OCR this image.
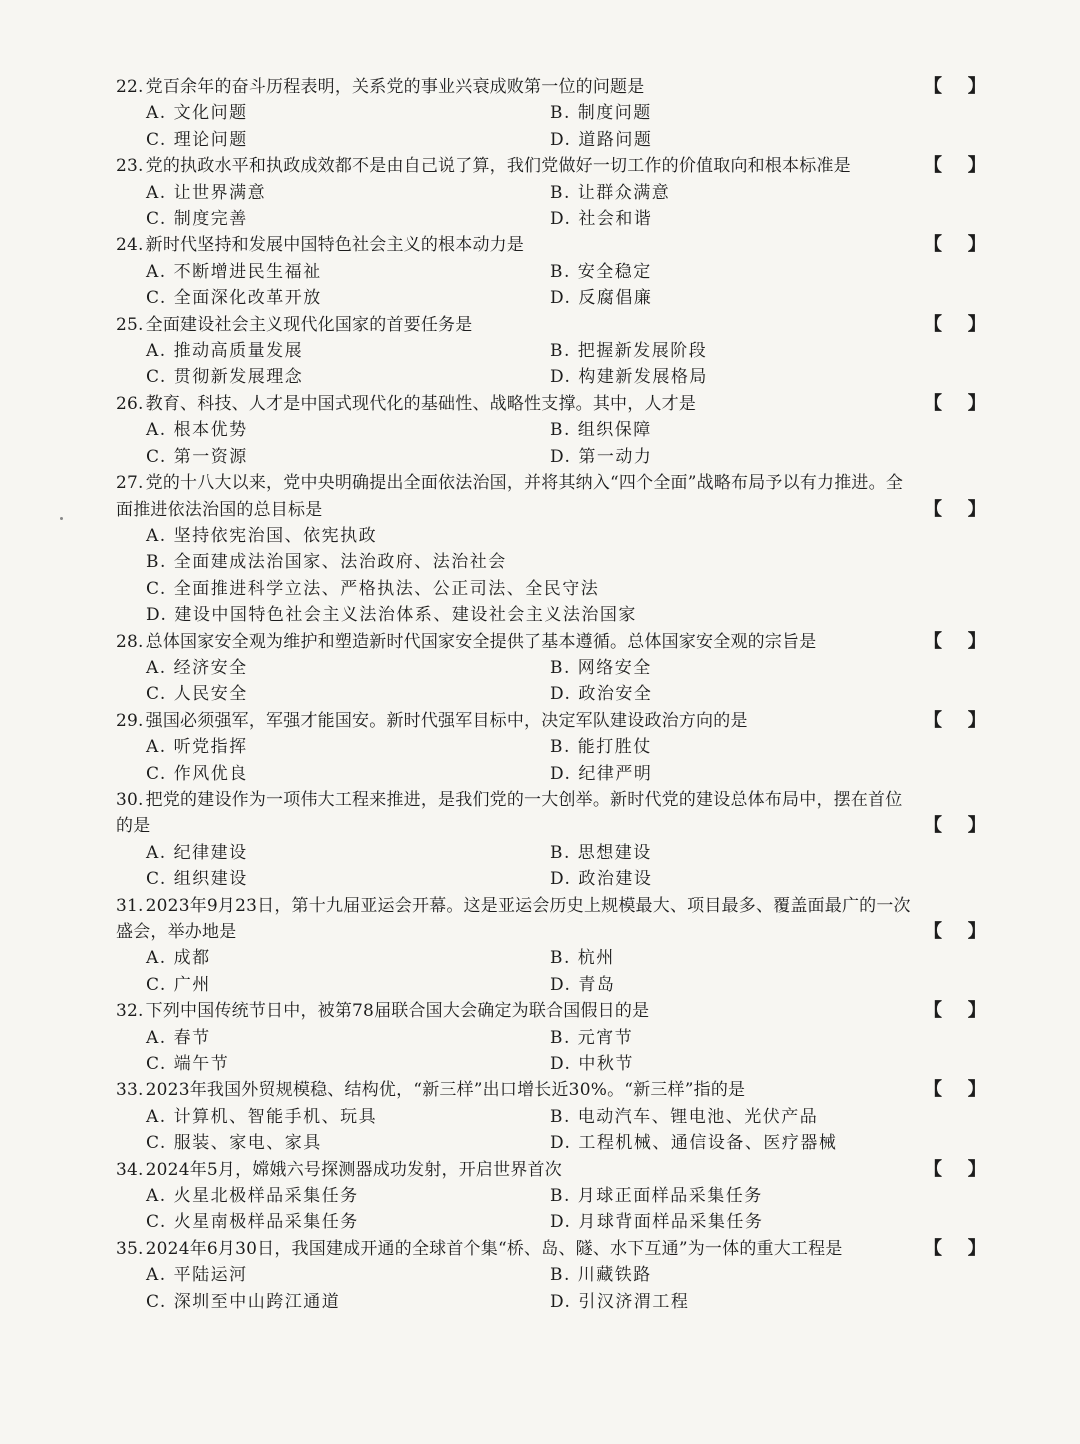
22. 党百余年的奋斗历程表明，关系党的事业兴衰成败第一位的问题是	【 】
A. 文化问题	B. 制度问题
C. 理论问题	D. 道路问题
23. 党的执政水平和执政成效都不是由自己说了算，我们党做好一切工作的价值取向和根本标准是	【 】
A. 让世界满意	B. 让群众满意
C. 制度完善	D. 社会和谐
24. 新时代坚持和发展中国特色社会主义的根本动力是	【 】
A. 不断增进民生福祉	B. 安全稳定
C. 全面深化改革开放	D. 反腐倡廉
25. 全面建设社会主义现代化国家的首要任务是	【 】
A. 推动高质量发展	B. 把握新发展阶段
C. 贯彻新发展理念	D. 构建新发展格局
26. 教育、科技、人才是中国式现代化的基础性、战略性支撑。其中，人才是	【 】
A. 根本优势	B. 组织保障
C. 第一资源	D. 第一动力
27. 党的十八大以来，党中央明确提出全面依法治国，并将其纳入“四个全面”战略布局予以有力推进。全面推进依法治国的总目标是	【 】
A. 坚持依宪治国、依宪执政
B. 全面建成法治国家、法治政府、法治社会
C. 全面推进科学立法、严格执法、公正司法、全民守法
D. 建设中国特色社会主义法治体系、建设社会主义法治国家
28. 总体国家安全观为维护和塑造新时代国家安全提供了基本遵循。总体国家安全观的宗旨是	【 】
A. 经济安全	B. 网络安全
C. 人民安全	D. 政治安全
29. 强国必须强军，军强才能国安。新时代强军目标中，决定军队建设政治方向的是	【 】
A. 听党指挥	B. 能打胜仗
C. 作风优良	D. 纪律严明
30. 把党的建设作为一项伟大工程来推进，是我们党的一大创举。新时代党的建设总体布局中，摆在首位的是	【 】
A. 纪律建设	B. 思想建设
C. 组织建设	D. 政治建设
31. 2023年9月23日，第十九届亚运会开幕。这是亚运会历史上规模最大、项目最多、覆盖面最广的一次盛会，举办地是	【 】
A. 成都	B. 杭州
C. 广州	D. 青岛
32. 下列中国传统节日中，被第78届联合国大会确定为联合国假日的是	【 】
A. 春节	B. 元宵节
C. 端午节	D. 中秋节
33. 2023年我国外贸规模稳、结构优，“新三样”出口增长近30%。“新三样”指的是	【 】
A. 计算机、智能手机、玩具	B. 电动汽车、锂电池、光伏产品
C. 服装、家电、家具	D. 工程机械、通信设备、医疗器械
34. 2024年5月，嫦娥六号探测器成功发射，开启世界首次	【 】
A. 火星北极样品采集任务	B. 月球正面样品采集任务
C. 火星南极样品采集任务	D. 月球背面样品采集任务
35. 2024年6月30日，我国建成开通的全球首个集“桥、岛、隧、水下互通”为一体的重大工程是	【 】
A. 平陆运河	B. 川藏铁路
C. 深圳至中山跨江通道	D. 引汉济渭工程
